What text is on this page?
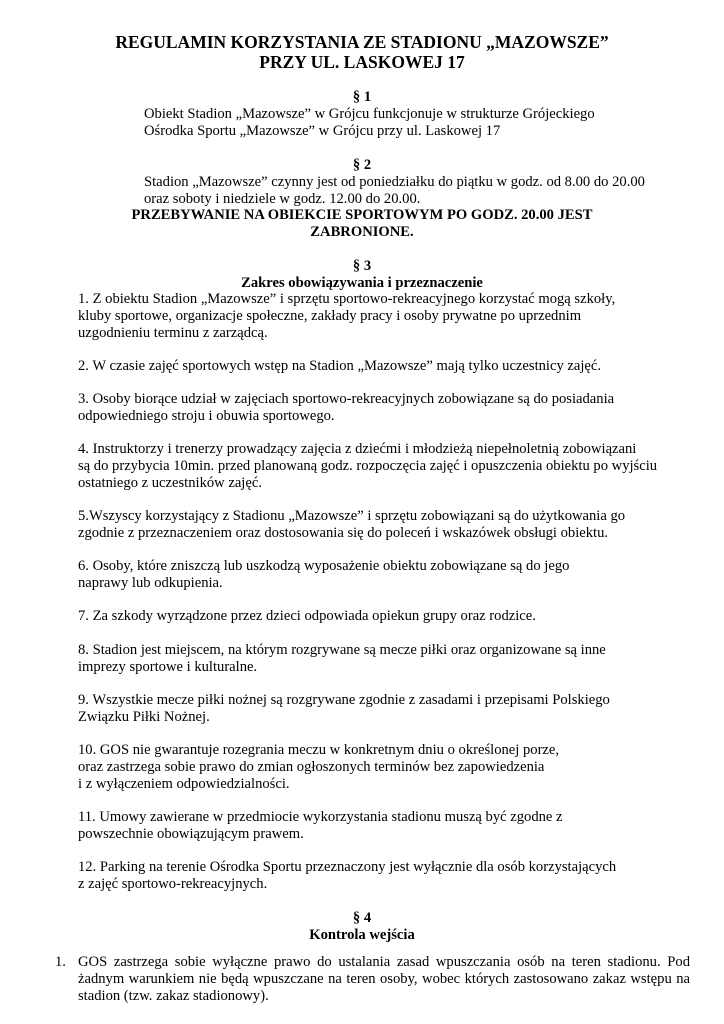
REGULAMIN KORZYSTANIA ZE STADIONU „MAZOWSZE”

PRZY UL. LASKOWEJ 17

§ 1

Obiekt Stadion „Mazowsze” w Grójcu funkcjonuje w strukturze Grójeckiego

Ośrodka Sportu „Mazowsze” w Grójcu przy ul. Laskowej 17

§ 2

Stadion „Mazowsze” czynny jest od poniedziałku do piątku w godz. od 8.00 do 20.00

oraz soboty i niedziele w godz. 12.00 do 20.00.

PRZEBYWANIE NA OBIEKCIE SPORTOWYM PO GODZ. 20.00 JEST

ZABRONIONE.

§ 3

Zakres obowiązywania i przeznaczenie

1. Z obiektu Stadion „Mazowsze” i sprzętu sportowo-rekreacyjnego korzystać mogą szkoły,

kluby sportowe, organizacje społeczne, zakłady pracy i osoby prywatne po uprzednim

uzgodnieniu terminu z zarządcą.

2. W czasie zajęć sportowych wstęp na Stadion „Mazowsze” mają tylko uczestnicy zajęć.

3. Osoby biorące udział w zajęciach sportowo-rekreacyjnych zobowiązane są do posiadania

odpowiedniego stroju i obuwia sportowego.

4. Instruktorzy i trenerzy prowadzący zajęcia z dziećmi i młodzieżą niepełnoletnią zobowiązani

są do przybycia 10min. przed planowaną godz. rozpoczęcia zajęć i opuszczenia obiektu po wyjściu

ostatniego z uczestników zajęć.

5.Wszyscy korzystający z Stadionu „Mazowsze” i sprzętu zobowiązani są do użytkowania go

zgodnie z przeznaczeniem oraz dostosowania się do poleceń i wskazówek obsługi obiektu.

6. Osoby, które zniszczą lub uszkodzą wyposażenie obiektu zobowiązane są do jego

naprawy lub odkupienia.

7. Za szkody wyrządzone przez dzieci odpowiada opiekun grupy oraz rodzice.

8. Stadion jest miejscem, na którym rozgrywane są mecze piłki oraz organizowane są inne

imprezy sportowe i kulturalne.

9. Wszystkie mecze piłki nożnej są rozgrywane zgodnie z zasadami i przepisami Polskiego

Związku Piłki Nożnej.

10. GOS nie gwarantuje rozegrania meczu w konkretnym dniu o określonej porze,

oraz zastrzega sobie prawo do zmian ogłoszonych terminów bez zapowiedzenia

i z wyłączeniem odpowiedzialności.

11. Umowy zawierane w przedmiocie wykorzystania stadionu muszą być zgodne z

powszechnie obowiązującym prawem.

12. Parking na terenie Ośrodka Sportu przeznaczony jest wyłącznie dla osób korzystających

z zajęć sportowo-rekreacyjnych.

§ 4

Kontrola wejścia

1. GOS zastrzega sobie wyłączne prawo do ustalania zasad wpuszczania osób na teren stadionu. Pod

żadnym warunkiem nie będą wpuszczane na teren osoby, wobec których zastosowano zakaz wstępu na

stadion (tzw. zakaz stadionowy).
